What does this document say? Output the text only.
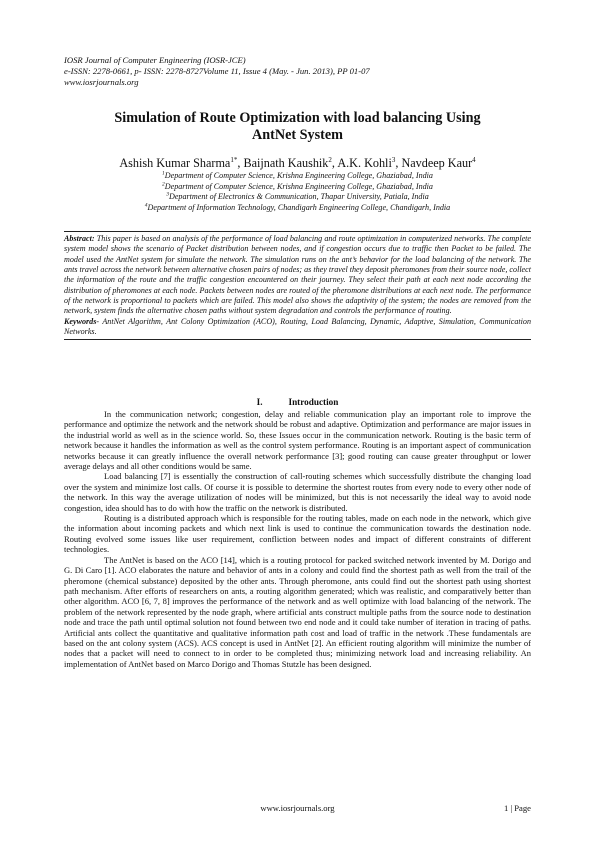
IOSR Journal of Computer Engineering (IOSR-JCE)
e-ISSN: 2278-0661, p- ISSN: 2278-8727Volume 11, Issue 4 (May. - Jun. 2013), PP 01-07
www.iosrjournals.org
Simulation of Route Optimization with load balancing Using
AntNet System
Ashish Kumar Sharma$^{1*}$, Baijnath Kaushik$^2$, A.K. Kohli$^3$, Navdeep Kaur$^4$
$^1$Department of Computer Science, Krishna Engineering College, Ghaziabad, India
$^2$Department of Computer Science, Krishna Engineering College, Ghaziabad, India
$^3$Department of Electronics & Communication, Thapar University, Patiala, India
$^4$Department of Information Technology, Chandigarh Engineering College, Chandigarh, India

Abstract: This paper is based on analysis of the performance of load balancing and route optimization in computerized networks. The complete system model shows the scenario of Packet distribution between nodes, and if congestion occurs due to traffic then Packet to be failed. The model used the AntNet system for simulate the network. The simulation runs on the ant’s behavior for the load balancing of the network. The ants travel across the network between alternative chosen pairs of nodes; as they travel they deposit pheromones from their source node, collect the information of the route and the traffic congestion encountered on their journey. They select their path at each next node according the distribution of pheromones at each node. Packets between nodes are routed of the pheromone distributions at each next node. The performance of the network is proportional to packets which are failed. This model also shows the adaptivity of the system; the nodes are removed from the network, system finds the alternative chosen paths without system degradation and controls the performance of routing.

Keywords- AntNet Algorithm, Ant Colony Optimization (ACO), Routing, Load Balancing, Dynamic, Adaptive, Simulation, Communication Networks.

I.	Introduction

In the communication network; congestion, delay and reliable communication play an important role to improve the performance and optimize the network and the network should be robust and adaptive. Optimization and performance are major issues in the industrial world as well as in the science world. So, these Issues occur in the communication network. Routing is the basic term of network because it handles the information as well as the control system performance. Routing is an important aspect of communication networks because it can greatly influence the overall network performance [3]; good routing can cause greater throughput or lower average delays and all other conditions would be same.

Load balancing [7] is essentially the construction of call-routing schemes which successfully distribute the changing load over the system and minimize lost calls. Of course it is possible to determine the shortest routes from every node to every other node of the network. In this way the average utilization of nodes will be minimized, but this is not necessarily the ideal way to avoid node congestion, idea should has to do with how the traffic on the network is distributed.

Routing is a distributed approach which is responsible for the routing tables, made on each node in the network, which give the information about incoming packets and which next link is used to continue the communication towards the destination node. Routing evolved some issues like user requirement, confliction between nodes and impact of different constraints of different technologies.

The AntNet is based on the ACO [14], which is a routing protocol for packed switched network invented by M. Dorigo and G. Di Caro [1]. ACO elaborates the nature and behavior of ants in a colony and could find the shortest path as well from the trail of the pheromone (chemical substance) deposited by the other ants. Through pheromone, ants could find out the shortest path using shortest path mechanism. After efforts of researchers on ants, a routing algorithm generated; which was realistic, and comparatively better than other algorithm. ACO [6, 7, 8] improves the performance of the network and as well optimize with load balancing of the network. The problem of the network represented by the node graph, where artificial ants construct multiple paths from the source node to destination node and trace the path until optimal solution not found between two end node and it could take number of iteration in tracing of paths. Artificial ants collect the quantitative and qualitative information path cost and load of traffic in the network .These fundamentals are based on the ant colony system (ACS). ACS concept is used in AntNet [2]. An efficient routing algorithm will minimize the number of nodes that a packet will need to connect to in order to be completed thus; minimizing network load and increasing reliability. An implementation of AntNet based on Marco Dorigo and Thomas Stutzle has been designed.

www.iosrjournals.org	1 | Page
